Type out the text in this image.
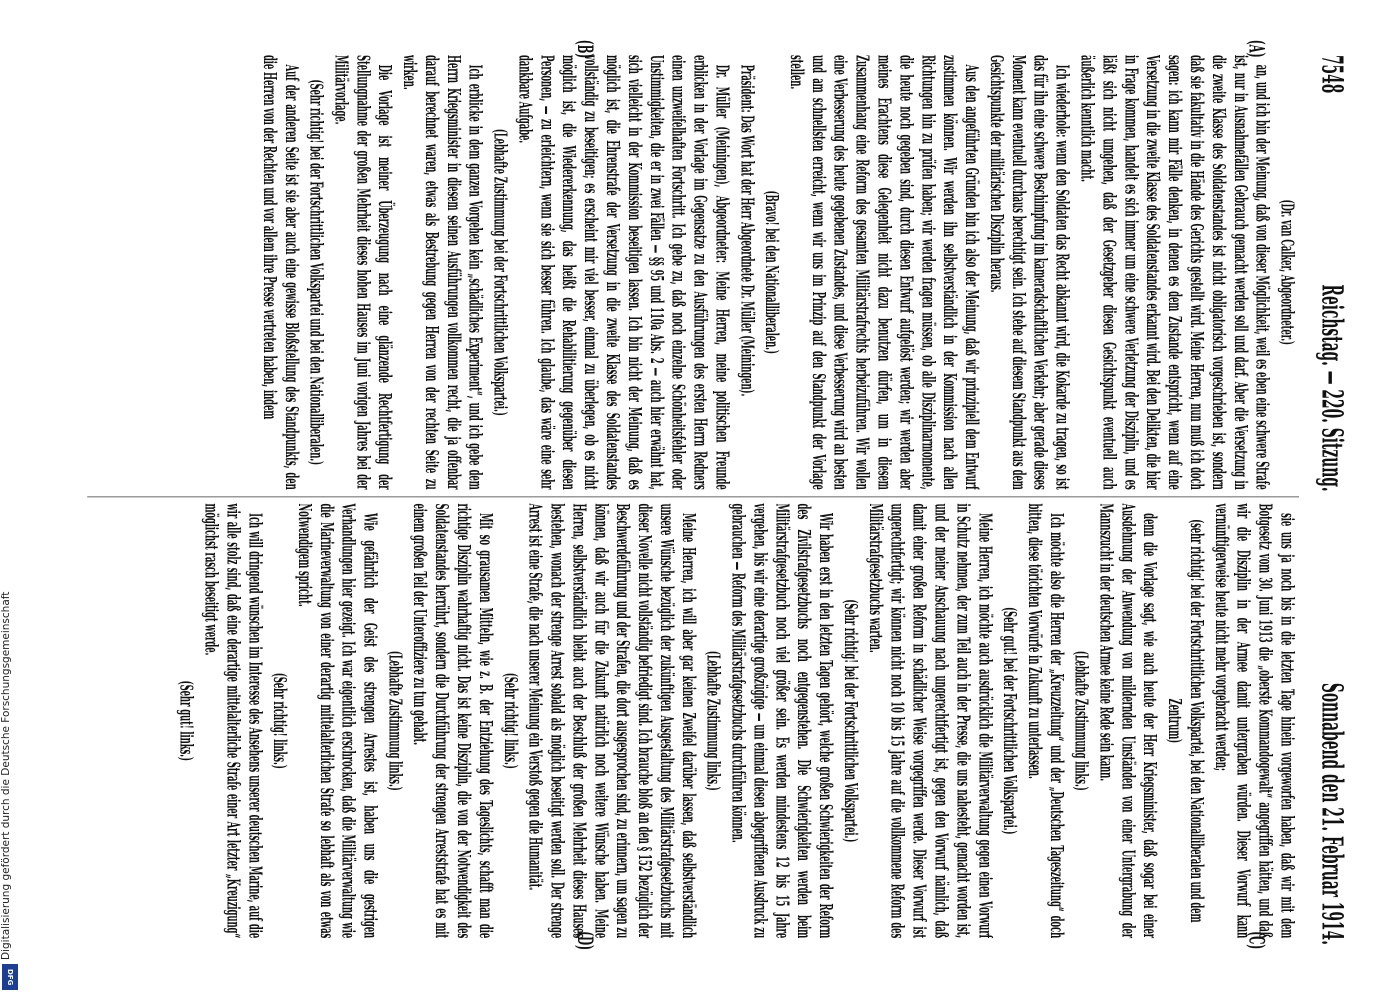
Digitalisierung gefördert durch die Deutsche Forschungsgemeinschaft
DFG
7548
Reichstag. — 220. Sitzung.
Sonnabend den 21. Februar 1914.
(A)
(B)
(C)
(D)

(Dr. van Calker, Abgeordneter.)

an, und ich bin der Meinung, daß von dieser Möglichkeit, weil es eben eine schwere Strafe ist, nur in Ausnahmefällen Gebrauch gemacht werden soll und darf. Aber die Versetzung in die zweite Klasse des Soldatenstandes ist nicht obligatorisch vorgeschrieben ist, sondern daß sie fakultativ in die Hände des Gerichts gestellt wird. Meine Herren, nun muß ich doch sagen: ich kann mir Fälle denken, in denen es dem Zustande entspricht, wenn auf eine Versetzung in die zweite Klasse des Soldatenstandes erkannt wird. Bei den Delikten, die hier in Frage kommen, handelt es sich immer um eine schwere Verletzung der Disziplin, und es läßt sich nicht umgehen, daß der Gesetzgeber diesen Gesichtspunkt eventuell auch äußerlich kenntlich macht.

Ich wiederhole: wenn den Soldaten das Recht abkannt wird, die Kokarde zu tragen, so ist das für ihn eine schwere Beschimpfung im kameradschaftlichen Verkehr; aber gerade dieses Moment kann eventuell durchaus berechtigt sein. Ich stehe auf diesem Standpunkt aus dem Gesichtspunkte der militärischen Disziplin heraus.

Aus den angeführten Gründen bin ich also der Meinung, daß wir prinzipiell dem Entwurf zustimmen können. Wir werden ihn selbstverständlich in der Kommission nach allen Richtungen hin zu prüfen haben; wir werden fragen müssen, ob alle Disziplinarmomente, die heute noch gegeben sind, durch diesen Entwurf aufgelöst werden; wir werden aber meines Erachtens diese Gelegenheit nicht dazu benutzen dürfen, um in diesem Zusammenhang eine Reform des gesamten Militärstrafrechts herbeizuführen. Wir wollen eine Verbesserung des heute gegebenen Zustandes, und diese Verbesserung wird an besten und am schnellsten erreicht, wenn wir uns im Prinzip auf den Standpunkt der Vorlage stellen.

(Bravo! bei den Nationalliberalen.)

Präsident: Das Wort hat der Herr Abgeordnete Dr. Müller (Meiningen).

Dr. Müller (Meiningen), Abgeordneter: Meine Herren, meine politischen Freunde erblicken in der Vorlage im Gegensatze zu den Ausführungen des ersten Herrn Redners einen unzweifelhaften Fortschritt. Ich gebe zu, daß noch einzelne Schönheitsfehler oder Unstimmigkeiten, die er in zwei Fällen — §§ 95 und 110a Abs. 2 — auch hier erwähnt hat, sich vielleicht in der Kommission beseitigen lassen. Ich bin nicht der Meinung, daß es möglich ist, die Ehrenstrafe der Versetzung in die zweite Klasse des Soldatenstandes vollständig zu beseitigen; es erscheint mir viel besser, einmal zu überlegen, ob es nicht möglich ist, die Wiedererkennung, das heißt die Rehabilitierung gegenüber diesen Personen, — zu erleichtern, wenn sie sich besser führen. Ich glaube, das wäre eine sehr dankbare Aufgabe.

(Lebhafte Zustimmung bei der Fortschrittlichen Volkspartei.)

Ich erblicke in dem ganzen Vorgehen kein „schädliches Experiment“, und ich gebe dem Herrn Kriegsminister in diesem seinen Ausführungen vollkommen recht, die ja offenbar darauf berechnet waren, etwas als Bestrebung gegen Herren von der rechten Seite zu wirken.

Die Vorlage ist meiner Überzeugung nach eine glänzende Rechtfertigung der Stellungnahme der großen Mehrheit dieses hohen Hauses im Juni vorigen Jahres bei der Militärvorlage.

(Sehr richtig! bei der Fortschrittlichen Volkspartei und bei den Nationalliberalen.)

Auf der anderen Seite ist sie aber auch eine gewisse Bloßstellung des Standpunkts, den die Herren von der Rechten und vor allem ihre Presse vertreten haben, indem

sie uns ja noch bis in die letzten Tage hinein vorgeworfen haben, daß wir mit dem Botgesetz vom 30. Juni 1913 die „oberste Kommandogewalt“ angegriffen hätten, und daß wir die Disziplin in der Armee damit untergraben würden. Dieser Vorwurf kann vernünftigerweise heute nicht mehr vorgebracht werden;

(sehr richtig! bei der Fortschrittlichen Volkspartei, bei den Nationalliberalen und dem Zentrum)

denn die Vorlage sagt, wie auch heute der Herr Kriegsminister, daß sogar bei einer Ausdehnung der Anwendung von mildernden Umständen von einer Untergrabung der Mannszucht in der deutschen Armee keine Rede sein kann.

(Lebhafte Zustimmung links.)

Ich möchte also die Herren der „Kreuzzeitung“ und der „Deutschen Tageszeitung“ doch bitten, diese törichten Vorwürfe in Zukunft zu unterlassen.

(Sehr gut! bei der Fortschrittlichen Volkspartei.)

Meine Herren, ich möchte auch ausdrücklich die Militärverwaltung gegen einen Vorwurf in Schutz nehmen, der zum Teil auch in der Presse, die uns nahesteht, gemacht worden ist, und der meiner Anschauung nach ungerechtfertigt ist, gegen den Vorwurf nämlich, daß damit einer großen Reform in schädlicher Weise vorgegriffen werde. Dieser Vorwurf ist ungerechtfertigt; wir können nicht noch 10 bis 15 Jahre auf die vollkommene Reform des Militärstrafgesetzbuchs warten.

(Sehr richtig! bei der Fortschrittlichen Volkspartei.)

Wir haben erst in den letzten Tagen gehört, welche großen Schwierigkeiten der Reform des Zivilstrafgesetzbuchs noch entgegenstehen. Die Schwierigkeiten werden beim Militärstrafgesetzbuch noch viel größer sein. Es werden mindestens 12 bis 15 Jahre vergehen, bis wir eine derartige großzügige — um einmal diesen abgegriffenen Ausdruck zu gebrauchen — Reform des Militärstrafgesetzbuchs durchführen können.

(Lebhafte Zustimmung links.)

Meine Herren, ich will aber gar keinen Zweifel darüber lassen, daß selbstverständlich unsere Wünsche bezüglich der zukünftigen Ausgestaltung des Militärstrafgesetzbuchs mit dieser Novelle nicht vollständig befriedigt sind. Ich brauche bloß an den § 152 bezüglich der Beschwerdeführung und der Strafen, die dort ausgesprochen sind, zu erinnern, um sagen zu können, daß wir auch für die Zukunft natürlich noch weitere Wünsche haben. Meine Herren, selbstverständlich bleibt auch der Beschluß der großen Mehrheit dieses Hauses bestehen, wonach der strenge Arrest sobald als möglich beseitigt werden soll. Der strenge Arrest ist eine Strafe, die nach unserer Meinung ein Verstoß gegen die Humanität.

(Sehr richtig! links.)

Mit so grausamen Mitteln, wie z. B. der Entziehung des Tageslichts, schafft man die richtige Disziplin wahrhaftig nicht. Das ist keine Disziplin, die von der Notwendigkeit des Soldatenstandes herrührt, sondern die Durchführung der strengen Arreststrafe hat es mit einem großen Teil der Unteroffiziere zu tun gehabt.

(Lebhafte Zustimmung links.)

Wie gefährlich der Geist des strengen Arrestes ist, haben uns die gestrigen Verhandlungen hier gezeigt. Ich war eigentlich erschrocken, daß die Militärverwaltung wie die Marineverwaltung von einer derartig mittelalterlichen Strafe so lebhaft als von etwas Notwendigem spricht.

(Sehr richtig! links.)

Ich will dringend wünschen im Interesse des Ansehens unserer deutschen Marine, auf die wir alle stolz sind, daß eine derartige mittelalterliche Strafe einer Art letzter „Kreuzigung“ möglichst rasch beseitigt werde.

(Sehr gut! links.)
